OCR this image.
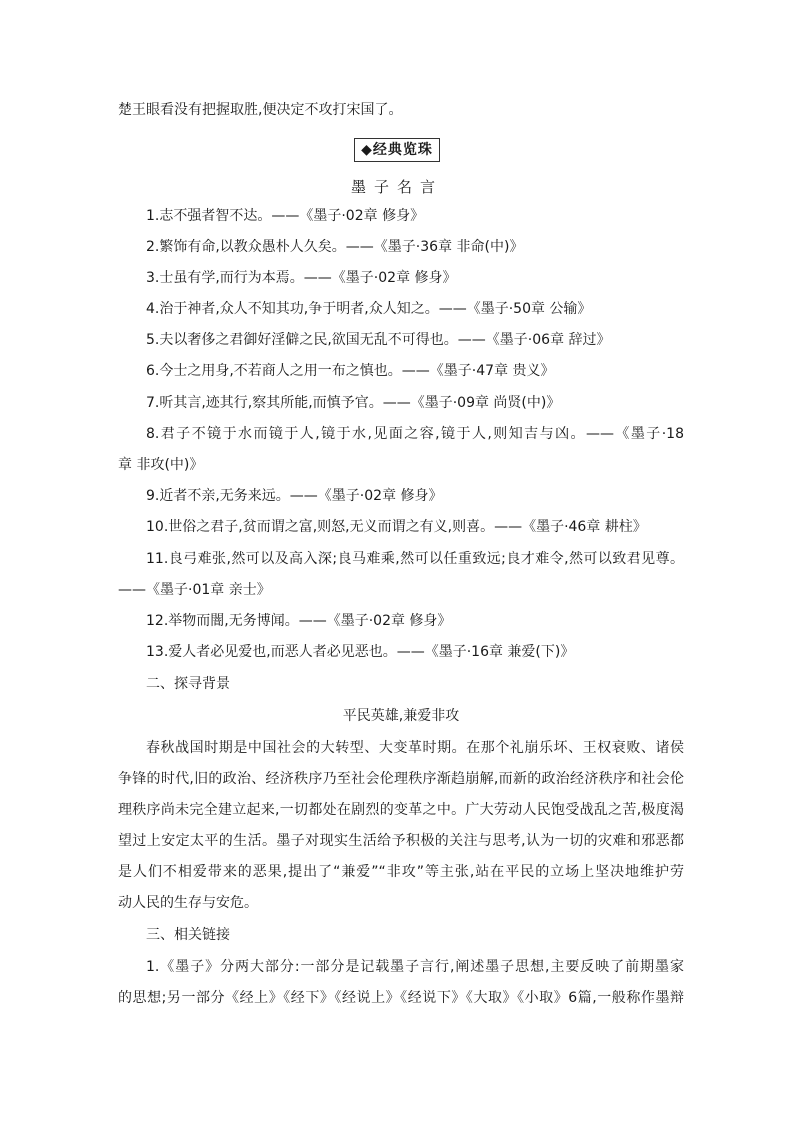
楚王眼看没有把握取胜,便决定不攻打宋国了。
◆经典览珠
墨子名言
1.志不强者智不达。——《墨子·02章 修身》
2.繁饰有命,以教众愚朴人久矣。——《墨子·36章 非命(中)》
3.士虽有学,而行为本焉。——《墨子·02章 修身》
4.治于神者,众人不知其功,争于明者,众人知之。——《墨子·50章 公输》
5.夫以奢侈之君御好淫僻之民,欲国无乱不可得也。——《墨子·06章 辞过》
6.今士之用身,不若商人之用一布之慎也。——《墨子·47章 贵义》
7.听其言,迹其行,察其所能,而慎予官。——《墨子·09章 尚贤(中)》
8.君子不镜于水而镜于人,镜于水,见面之容,镜于人,则知吉与凶。——《墨子·18
章 非攻(中)》
9.近者不亲,无务来远。——《墨子·02章 修身》
10.世俗之君子,贫而谓之富,则怒,无义而谓之有义,则喜。——《墨子·46章 耕柱》
11.良弓难张,然可以及高入深;良马难乘,然可以任重致远;良才难令,然可以致君见尊。
——《墨子·01章 亲士》
12.举物而闇,无务博闻。——《墨子·02章 修身》
13.爱人者必见爱也,而恶人者必见恶也。——《墨子·16章 兼爱(下)》
二、探寻背景
平民英雄,兼爱非攻
春秋战国时期是中国社会的大转型、大变革时期。在那个礼崩乐坏、王权衰败、诸侯
争锋的时代,旧的政治、经济秩序乃至社会伦理秩序渐趋崩解,而新的政治经济秩序和社会伦
理秩序尚未完全建立起来,一切都处在剧烈的变革之中。广大劳动人民饱受战乱之苦,极度渴
望过上安定太平的生活。墨子对现实生活给予积极的关注与思考,认为一切的灾难和邪恶都
是人们不相爱带来的恶果,提出了“兼爱”“非攻”等主张,站在平民的立场上坚决地维护劳
动人民的生存与安危。
三、相关链接
1.《墨子》分两大部分:一部分是记载墨子言行,阐述墨子思想,主要反映了前期墨家
的思想;另一部分《经上》《经下》《经说上》《经说下》《大取》《小取》6篇,一般称作墨辩
